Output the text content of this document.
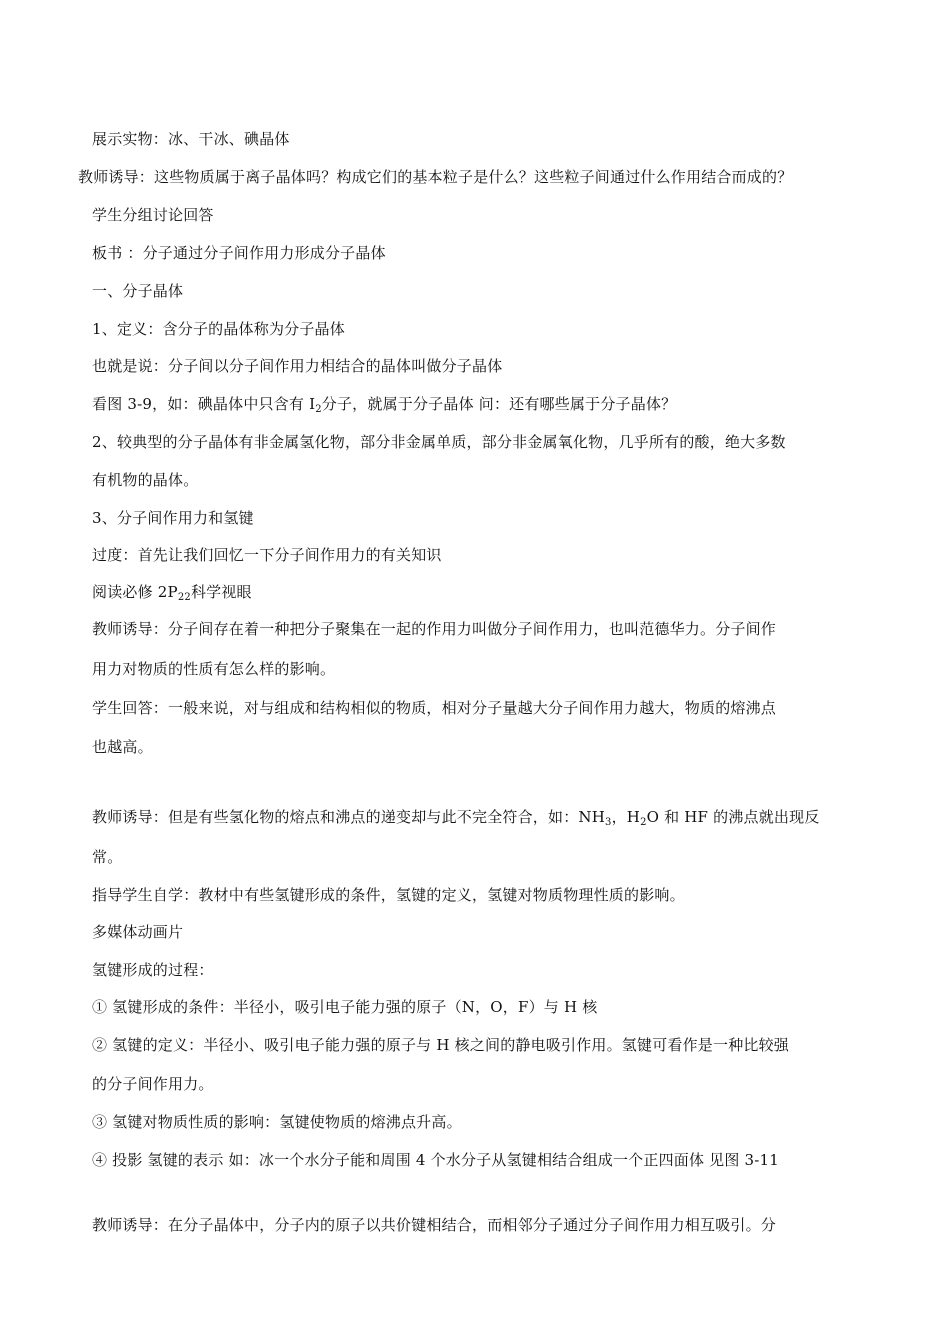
展示实物：冰、干冰、碘晶体
教师诱导：这些物质属于离子晶体吗？构成它们的基本粒子是什么？这些粒子间通过什么作用结合而成的？
学生分组讨论回答
板书 ：分子通过分子间作用力形成分子晶体
一、分子晶体
1、定义：含分子的晶体称为分子晶体
也就是说：分子间以分子间作用力相结合的晶体叫做分子晶体
看图 3-9，如：碘晶体中只含有 $I_2$分子，就属于分子晶体 问：还有哪些属于分子晶体？
2、较典型的分子晶体有非金属氢化物，部分非金属单质，部分非金属氧化物，几乎所有的酸，绝大多数
有机物的晶体。
3、分子间作用力和氢键
过度：首先让我们回忆一下分子间作用力的有关知识
阅读必修 $2P_{22}$科学视眼
教师诱导：分子间存在着一种把分子聚集在一起的作用力叫做分子间作用力，也叫范德华力。分子间作
用力对物质的性质有怎么样的影响。
学生回答：一般来说，对与组成和结构相似的物质，相对分子量越大分子间作用力越大，物质的熔沸点
也越高。
教师诱导：但是有些氢化物的熔点和沸点的递变却与此不完全符合，如：$NH_3$，$H_2O$ 和 HF 的沸点就出现反
常。
指导学生自学：教材中有些氢键形成的条件，氢键的定义，氢键对物质物理性质的影响。
多媒体动画片
氢键形成的过程：
① 氢键形成的条件：半径小，吸引电子能力强的原子（N，O，F）与 H 核
② 氢键的定义：半径小、吸引电子能力强的原子与 H 核之间的静电吸引作用。氢键可看作是一种比较强
的分子间作用力。
③ 氢键对物质性质的影响：氢键使物质的熔沸点升高。
④ 投影 氢键的表示 如：冰一个水分子能和周围 4 个水分子从氢键相结合组成一个正四面体 见图 3-11
教师诱导：在分子晶体中，分子内的原子以共价键相结合，而相邻分子通过分子间作用力相互吸引。分
